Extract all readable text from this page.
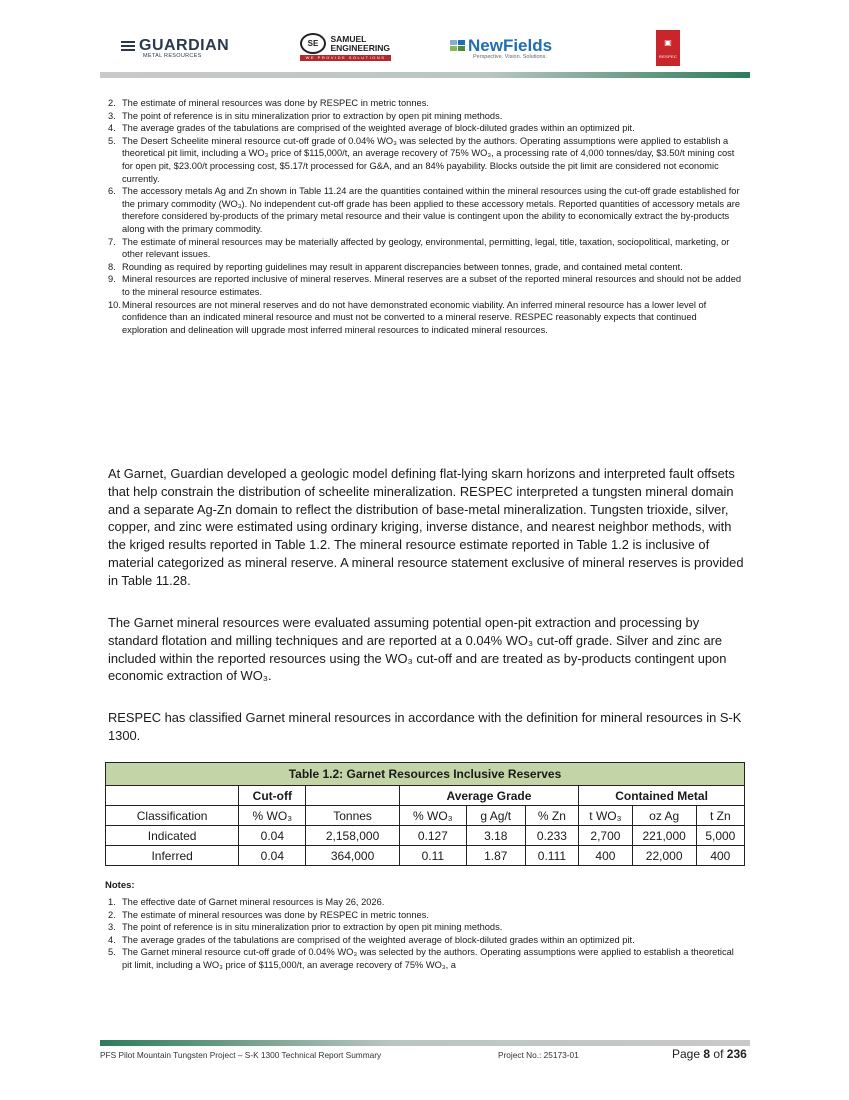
GUARDIAN
METAL RESOURCES
SE SAMUEL
ENGINEERING
WE PROVIDE SOLUTIONS
NewFields
Perspective. Vision. Solutions.
▣
RESPEC
2. The estimate of mineral resources was done by RESPEC in metric tonnes.
3. The point of reference is in situ mineralization prior to extraction by open pit mining methods.
4. The average grades of the tabulations are comprised of the weighted average of block-diluted grades within an optimized pit.
5. The Desert Scheelite mineral resource cut-off grade of 0.04% WO₃ was selected by the authors. Operating assumptions were applied to establish a theoretical pit limit, including a WO₃ price of $115,000/t, an average recovery of 75% WO₃, a processing rate of 4,000 tonnes/day, $3.50/t mining cost for open pit, $23.00/t processing cost, $5.17/t processed for G&A, and an 84% payability. Blocks outside the pit limit are considered not economic currently.
6. The accessory metals Ag and Zn shown in Table 11.24 are the quantities contained within the mineral resources using the cut-off grade established for the primary commodity (WO₃). No independent cut-off grade has been applied to these accessory metals. Reported quantities of accessory metals are therefore considered by-products of the primary metal resource and their value is contingent upon the ability to economically extract the by-products along with the primary commodity.
7. The estimate of mineral resources may be materially affected by geology, environmental, permitting, legal, title, taxation, sociopolitical, marketing, or other relevant issues.
8. Rounding as required by reporting guidelines may result in apparent discrepancies between tonnes, grade, and contained metal content.
9. Mineral resources are reported inclusive of mineral reserves. Mineral reserves are a subset of the reported mineral resources and should not be added to the mineral resource estimates.
10. Mineral resources are not mineral reserves and do not have demonstrated economic viability. An inferred mineral resource has a lower level of confidence than an indicated mineral resource and must not be converted to a mineral reserve. RESPEC reasonably expects that continued exploration and delineation will upgrade most inferred mineral resources to indicated mineral resources.

At Garnet, Guardian developed a geologic model defining flat-lying skarn horizons and interpreted fault offsets that help constrain the distribution of scheelite mineralization. RESPEC interpreted a tungsten mineral domain and a separate Ag-Zn domain to reflect the distribution of base-metal mineralization. Tungsten trioxide, silver, copper, and zinc were estimated using ordinary kriging, inverse distance, and nearest neighbor methods, with the kriged results reported in Table 1.2. The mineral resource estimate reported in Table 1.2 is inclusive of material categorized as mineral reserve. A mineral resource statement exclusive of mineral reserves is provided in Table 11.28.

The Garnet mineral resources were evaluated assuming potential open-pit extraction and processing by standard flotation and milling techniques and are reported at a 0.04% WO₃ cut-off grade. Silver and zinc are included within the reported resources using the WO₃ cut-off and are treated as by-products contingent upon economic extraction of WO₃.

RESPEC has classified Garnet mineral resources in accordance with the definition for mineral resources in S-K 1300.

Table 1.2: Garnet Resources Inclusive Reserves								
	Cut-off		Average Grade			Contained Metal		
Classification	% WO₃	Tonnes	% WO₃	g Ag/t	% Zn	t WO₃	oz Ag	t Zn
Indicated	0.04	2,158,000	0.127	3.18	0.233	2,700	221,000	5,000
Inferred	0.04	364,000	0.11	1.87	0.111	400	22,000	400
Notes:
1. The effective date of Garnet mineral resources is May 26, 2026.
2. The estimate of mineral resources was done by RESPEC in metric tonnes.
3. The point of reference is in situ mineralization prior to extraction by open pit mining methods.
4. The average grades of the tabulations are comprised of the weighted average of block-diluted grades within an optimized pit.
5. The Garnet mineral resource cut-off grade of 0.04% WO₃ was selected by the authors. Operating assumptions were applied to establish a theoretical pit limit, including a WO₃ price of $115,000/t, an average recovery of 75% WO₃, a
PFS Pilot Mountain Tungsten Project – S-K 1300 Technical Report Summary	Project No.: 25173-01	Page 8 of 236
